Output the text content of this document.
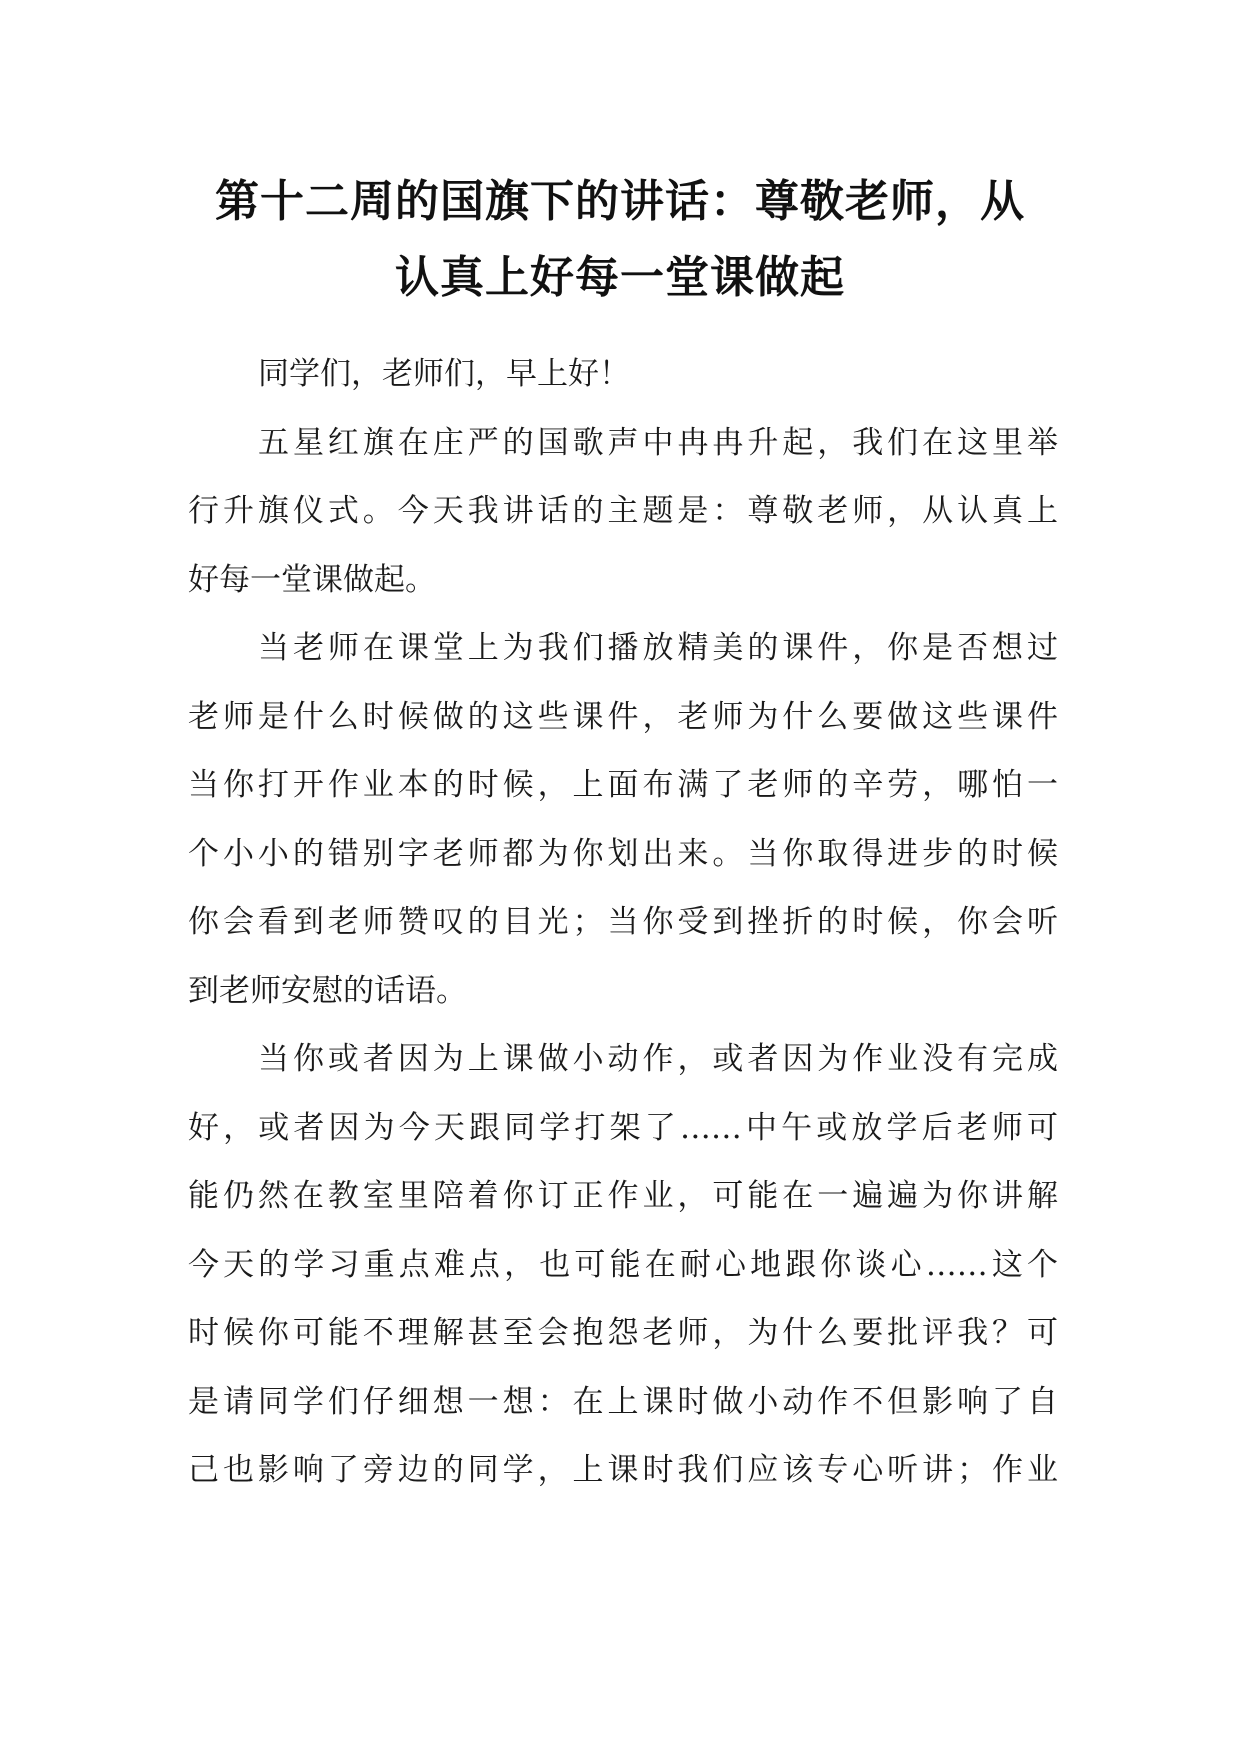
第十二周的国旗下的讲话：尊敬老师，从
认真上好每一堂课做起
同学们，老师们，早上好！
五星红旗在庄严的国歌声中冉冉升起，我们在这里举
行升旗仪式。今天我讲话的主题是：尊敬老师，从认真上
好每一堂课做起。
当老师在课堂上为我们播放精美的课件，你是否想过
老师是什么时候做的这些课件，老师为什么要做这些课件
当你打开作业本的时候，上面布满了老师的辛劳，哪怕一
个小小的错别字老师都为你划出来。当你取得进步的时候
你会看到老师赞叹的目光；当你受到挫折的时候，你会听
到老师安慰的话语。
当你或者因为上课做小动作，或者因为作业没有完成
好，或者因为今天跟同学打架了……中午或放学后老师可
能仍然在教室里陪着你订正作业，可能在一遍遍为你讲解
今天的学习重点难点，也可能在耐心地跟你谈心……这个
时候你可能不理解甚至会抱怨老师，为什么要批评我？可
是请同学们仔细想一想：在上课时做小动作不但影响了自
己也影响了旁边的同学，上课时我们应该专心听讲；作业
